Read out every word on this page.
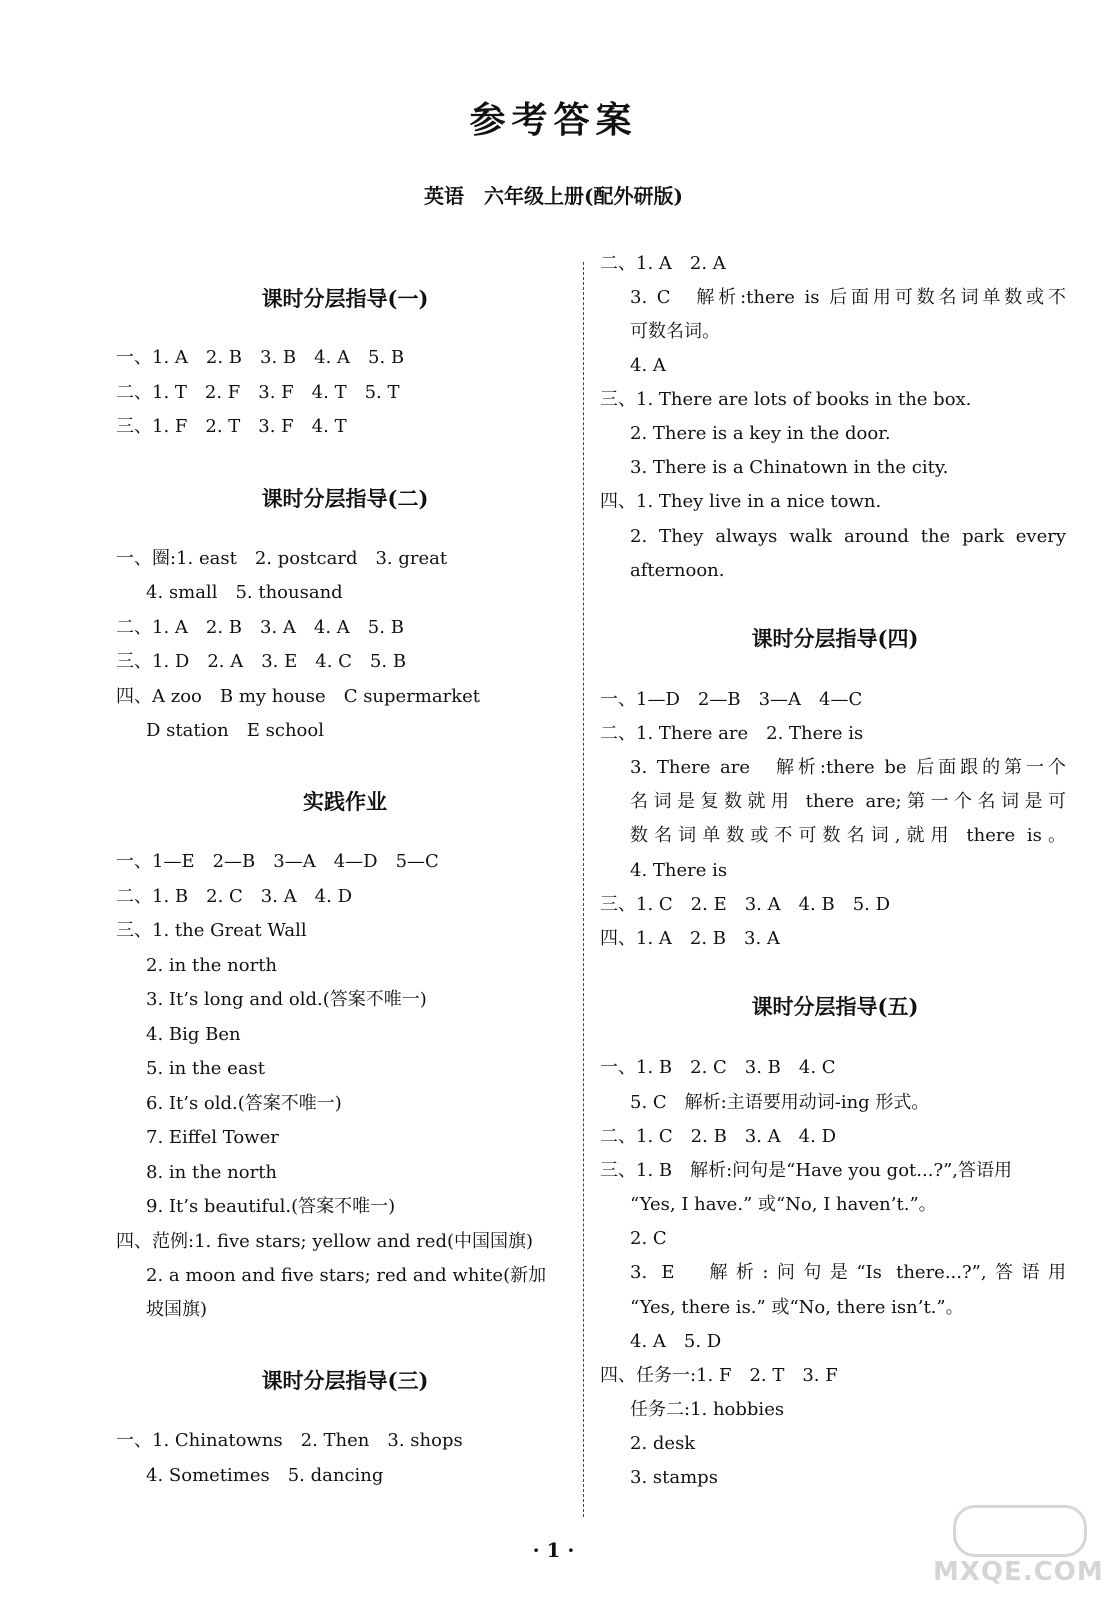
参考答案
英语　六年级上册(配外研版)
课时分层指导(一)
一、1. A　2. B　3. B　4. A　5. B
二、1. T　2. F　3. F　4. T　5. T
三、1. F　2. T　3. F　4. T
课时分层指导(二)
一、圈:1. east　2. postcard　3. great
4. small　5. thousand
二、1. A　2. B　3. A　4. A　5. B
三、1. D　2. A　3. E　4. C　5. B
四、A zoo　B my house　C supermarket
D station　E school
实践作业
一、1—E　2—B　3—A　4—D　5—C
二、1. B　2. C　3. A　4. D
三、1. the Great Wall
2. in the north
3. It’s long and old.(答案不唯一)
4. Big Ben
5. in the east
6. It’s old.(答案不唯一)
7. Eiffel Tower
8. in the north
9. It’s beautiful.(答案不唯一)
四、范例:1. five stars; yellow and red(中国国旗)
2. a moon and five stars; red and white(新加
坡国旗)
课时分层指导(三)
一、1. Chinatowns　2. Then　3. shops
4. Sometimes　5. dancing
二、1. A　2. A
3. C　解析:there is 后面用可数名词单数或不
可数名词。
4. A
三、1. There are lots of books in the box.
2. There is a key in the door.
3. There is a Chinatown in the city.
四、1. They live in a nice town.
2. They always walk around the park every
afternoon.
课时分层指导(四)
一、1—D　2—B　3—A　4—C
二、1. There are　2. There is
3. There are　解析:there be 后面跟的第一个
名词是复数就用 there are;第一个名词是可
数名词单数或不可数名词,就用 there is。
4. There is
三、1. C　2. E　3. A　4. B　5. D
四、1. A　2. B　3. A
课时分层指导(五)
一、1. B　2. C　3. B　4. C
5. C　解析:主语要用动词-ing 形式。
二、1. C　2. B　3. A　4. D
三、1. B　解析:问句是“Have you got...?”,答语用
“Yes, I have.” 或“No, I haven’t.”。
2. C
3. E　解析:问句是“Is there...?”,答语用
“Yes, there is.” 或“No, there isn’t.”。
4. A　5. D
四、任务一:1. F　2. T　3. F
任务二:1. hobbies
2. desk
3. stamps
· 1 ·
MXQE.COM
